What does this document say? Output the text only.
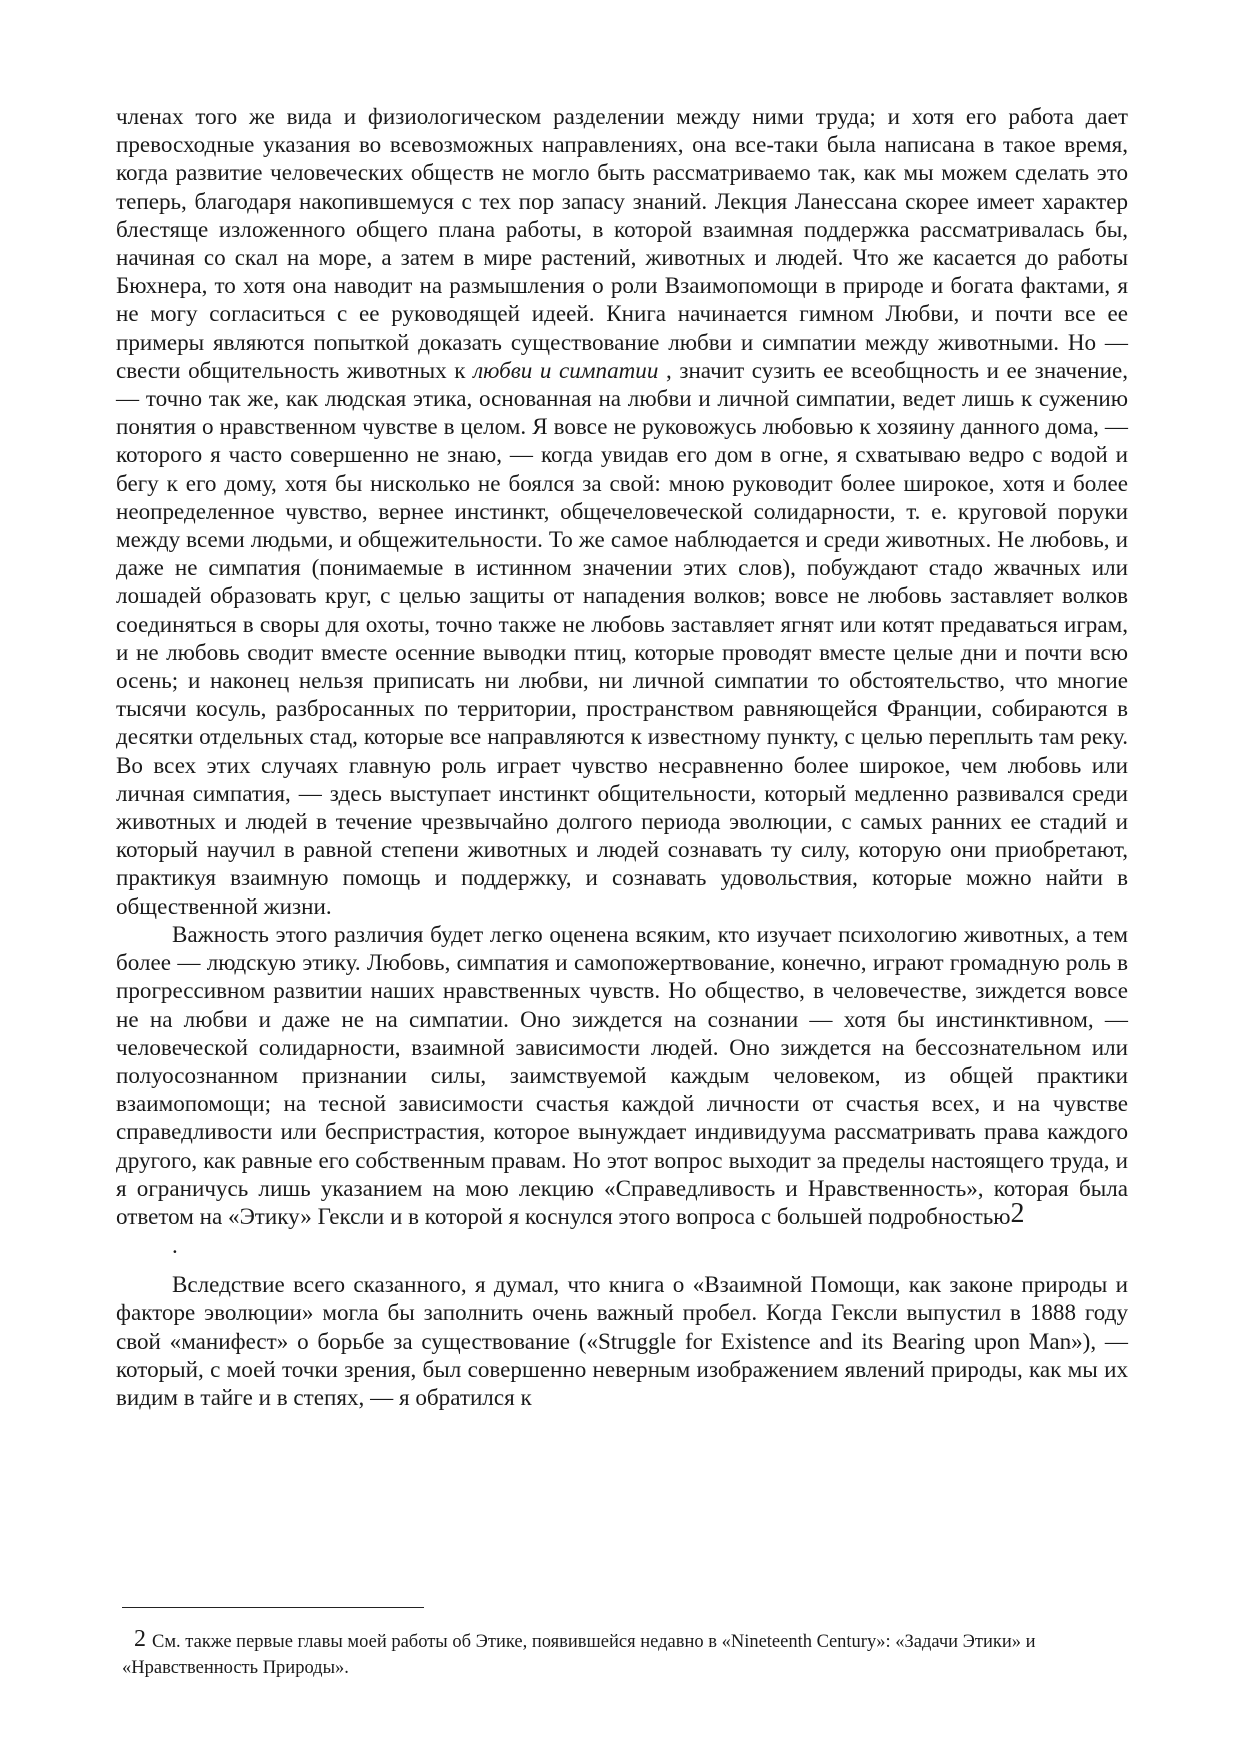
членах того же вида и физиологическом разделении между ними труда; и хотя его работа дает превосходные указания во всевозможных направлениях, она все-таки была написана в такое время, когда развитие человеческих обществ не могло быть рассматриваемо так, как мы можем сделать это теперь, благодаря накопившемуся с тех пор запасу знаний. Лекция Ланессана скорее имеет характер блестяще изложенного общего плана работы, в которой взаимная поддержка рассматривалась бы, начиная со скал на море, а затем в мире растений, животных и людей. Что же касается до работы Бюхнера, то хотя она наводит на размышления о роли Взаимопомощи в природе и богата фактами, я не могу согласиться с ее руководящей идеей. Книга начинается гимном Любви, и почти все ее примеры являются попыткой доказать существование любви и симпатии между животными. Но — свести общительность животных к любви и симпатии , значит сузить ее всеобщность и ее значение, — точно так же, как людская этика, основанная на любви и личной симпатии, ведет лишь к сужению понятия о нравственном чувстве в целом. Я вовсе не руковожусь любовью к хозяину данного дома, — которого я часто совершенно не знаю, — когда увидав его дом в огне, я схватываю ведро с водой и бегу к его дому, хотя бы нисколько не боялся за свой: мною руководит более широкое, хотя и более неопределенное чувство, вернее инстинкт, общечеловеческой солидарности, т. е. круговой поруки между всеми людьми, и общежительности. То же самое наблюдается и среди животных. Не любовь, и даже не симпатия (понимаемые в истинном значении этих слов), побуждают стадо жвачных или лошадей образовать круг, с целью защиты от нападения волков; вовсе не любовь заставляет волков соединяться в своры для охоты, точно также не любовь заставляет ягнят или котят предаваться играм, и не любовь сводит вместе осенние выводки птиц, которые проводят вместе целые дни и почти всю осень; и наконец нельзя приписать ни любви, ни личной симпатии то обстоятельство, что многие тысячи косуль, разбросанных по территории, пространством равняющейся Франции, собираются в десятки отдельных стад, которые все направляются к известному пункту, с целью переплыть там реку. Во всех этих случаях главную роль играет чувство несравненно более широкое, чем любовь или личная симпатия, — здесь выступает инстинкт общительности, который медленно развивался среди животных и людей в течение чрезвычайно долгого периода эволюции, с самых ранних ее стадий и который научил в равной степени животных и людей сознавать ту силу, которую они приобретают, практикуя взаимную помощь и поддержку, и сознавать удовольствия, которые можно найти в общественной жизни.

Важность этого различия будет легко оценена всяким, кто изучает психологию животных, а тем более — людскую этику. Любовь, симпатия и самопожертвование, конечно, играют громадную роль в прогрессивном развитии наших нравственных чувств. Но общество, в человечестве, зиждется вовсе не на любви и даже не на симпатии. Оно зиждется на сознании — хотя бы инстинктивном, — человеческой солидарности, взаимной зависимости людей. Оно зиждется на бессознательном или полуосознанном признании силы, заимствуемой каждым человеком, из общей практики взаимопомощи; на тесной зависимости счастья каждой личности от счастья всех, и на чувстве справедливости или беспристрастия, которое вынуждает индивидуума рассматривать права каждого другого, как равные его собственным правам. Но этот вопрос выходит за пределы настоящего труда, и я ограничусь лишь указанием на мою лекцию «Справедливость и Нравственность», которая была ответом на «Этику» Гексли и в которой я коснулся этого вопроса с большей подробностью$^2$

.

Вследствие всего сказанного, я думал, что книга о «Взаимной Помощи, как законе природы и факторе эволюции» могла бы заполнить очень важный пробел. Когда Гексли выпустил в 1888 году свой «манифест» о борьбе за существование («Struggle for Existence and its Bearing upon Man»), — который, с моей точки зрения, был совершенно неверным изображением явлений природы, как мы их видим в тайге и в степях, — я обратился к

2 См. также первые главы моей работы об Этике, появившейся недавно в «Nineteenth Century»: «Задачи Этики» и «Нравственность Природы».
